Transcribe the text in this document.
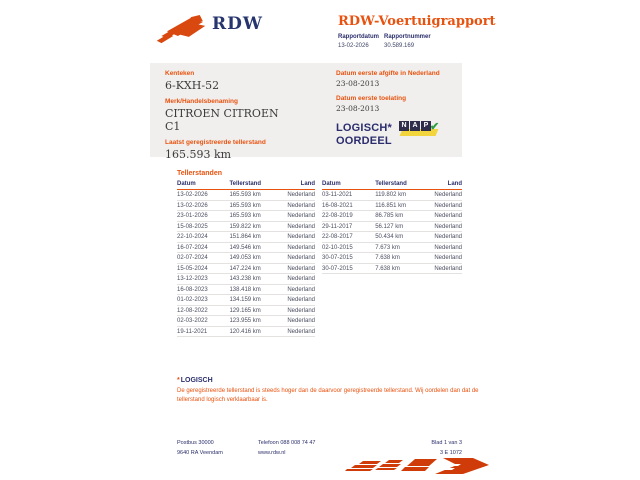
RDW	RDW-Voertuigrapport
Rapportdatum
13-02-2026
Rapportnummer
30.589.169
Kenteken
6-KXH-52
Merk/Handelsbenaming
CITROEN CITROEN
C1
Laatst geregistreerde tellerstand
165.593 km
Datum eerste afgifte in Nederland
23-08-2013
Datum eerste toelating
23-08-2013
LOGISCH*
OORDEEL
N A P ✔
Tellerstanden
Datum	Tellerstand	Land
13-02-2026	165.593 km	Nederland
13-02-2026	165.593 km	Nederland
23-01-2026	165.593 km	Nederland
15-08-2025	159.822 km	Nederland
22-10-2024	151.864 km	Nederland
16-07-2024	149.546 km	Nederland
02-07-2024	149.053 km	Nederland
15-05-2024	147.224 km	Nederland
13-12-2023	143.238 km	Nederland
16-08-2023	138.418 km	Nederland
01-02-2023	134.159 km	Nederland
12-08-2022	129.165 km	Nederland
02-03-2022	123.955 km	Nederland
19-11-2021	120.416 km	Nederland
Datum	Tellerstand	Land
03-11-2021	119.802 km	Nederland
16-08-2021	116.851 km	Nederland
22-08-2019	86.785 km	Nederland
29-11-2017	56.127 km	Nederland
22-08-2017	50.434 km	Nederland
02-10-2015	7.673 km	Nederland
30-07-2015	7.638 km	Nederland
30-07-2015	7.638 km	Nederland
*LOGISCH
De geregistreerde tellerstand is steeds hoger dan de daarvoor geregistreerde tellerstand. Wij oordelen dan dat de tellerstand logisch verklaarbaar is.
Postbus 30000
9640 RA Veendam
Telefoon 088 008 74 47
www.rdw.nl
Blad 1 van 3
3 E 1072
